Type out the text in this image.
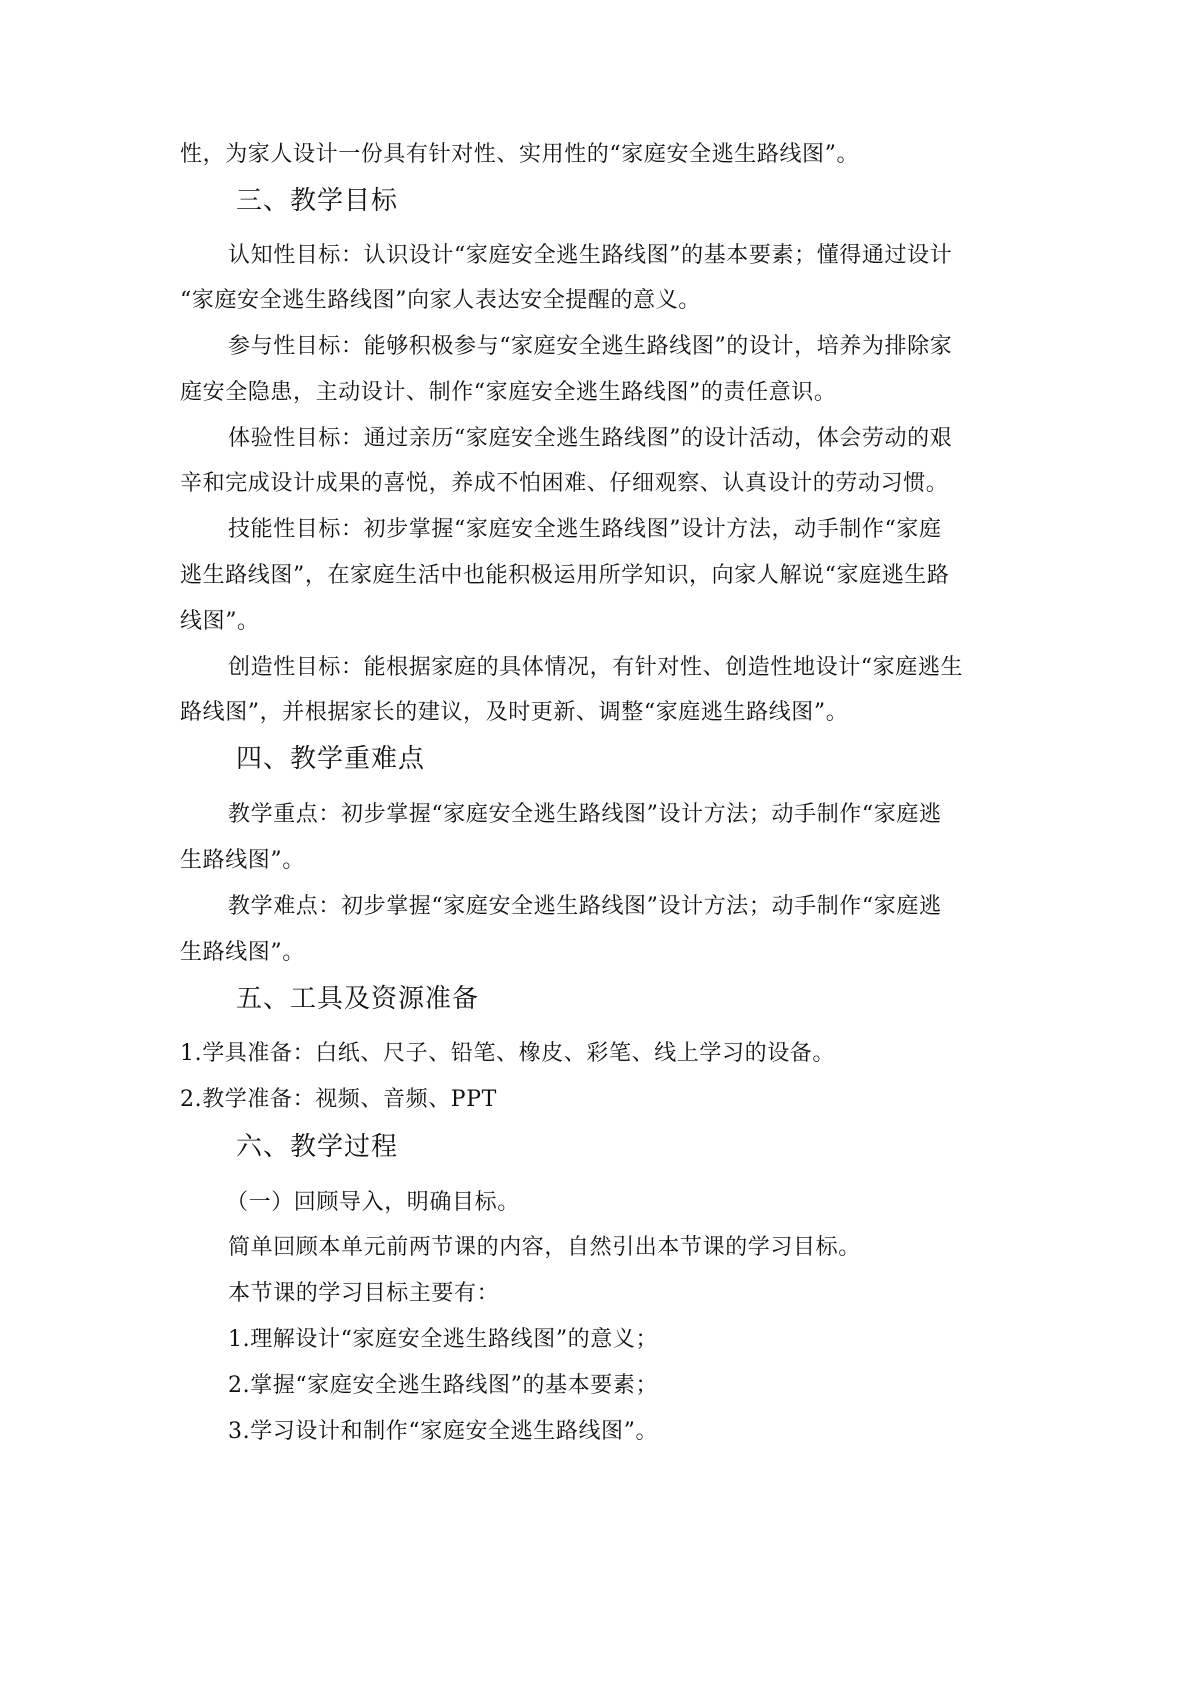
性，为家人设计一份具有针对性、实用性的“家庭安全逃生路线图”。
三、教学目标
认知性目标：认识设计“家庭安全逃生路线图”的基本要素；懂得通过设计
“家庭安全逃生路线图”向家人表达安全提醒的意义。
参与性目标：能够积极参与“家庭安全逃生路线图”的设计，培养为排除家
庭安全隐患，主动设计、制作“家庭安全逃生路线图”的责任意识。
体验性目标：通过亲历“家庭安全逃生路线图”的设计活动，体会劳动的艰
辛和完成设计成果的喜悦，养成不怕困难、仔细观察、认真设计的劳动习惯。
技能性目标：初步掌握“家庭安全逃生路线图”设计方法，动手制作“家庭
逃生路线图”，在家庭生活中也能积极运用所学知识，向家人解说“家庭逃生路
线图”。
创造性目标：能根据家庭的具体情况，有针对性、创造性地设计“家庭逃生
路线图”，并根据家长的建议，及时更新、调整“家庭逃生路线图”。
四、教学重难点
教学重点：初步掌握“家庭安全逃生路线图”设计方法；动手制作“家庭逃
生路线图”。
教学难点：初步掌握“家庭安全逃生路线图”设计方法；动手制作“家庭逃
生路线图”。
五、工具及资源准备
1.学具准备：白纸、尺子、铅笔、橡皮、彩笔、线上学习的设备。
2.教学准备：视频、音频、PPT
六、教学过程
（一）回顾导入，明确目标。
简单回顾本单元前两节课的内容，自然引出本节课的学习目标。
本节课的学习目标主要有：
1.理解设计“家庭安全逃生路线图”的意义；
2.掌握“家庭安全逃生路线图”的基本要素；
3.学习设计和制作“家庭安全逃生路线图”。
